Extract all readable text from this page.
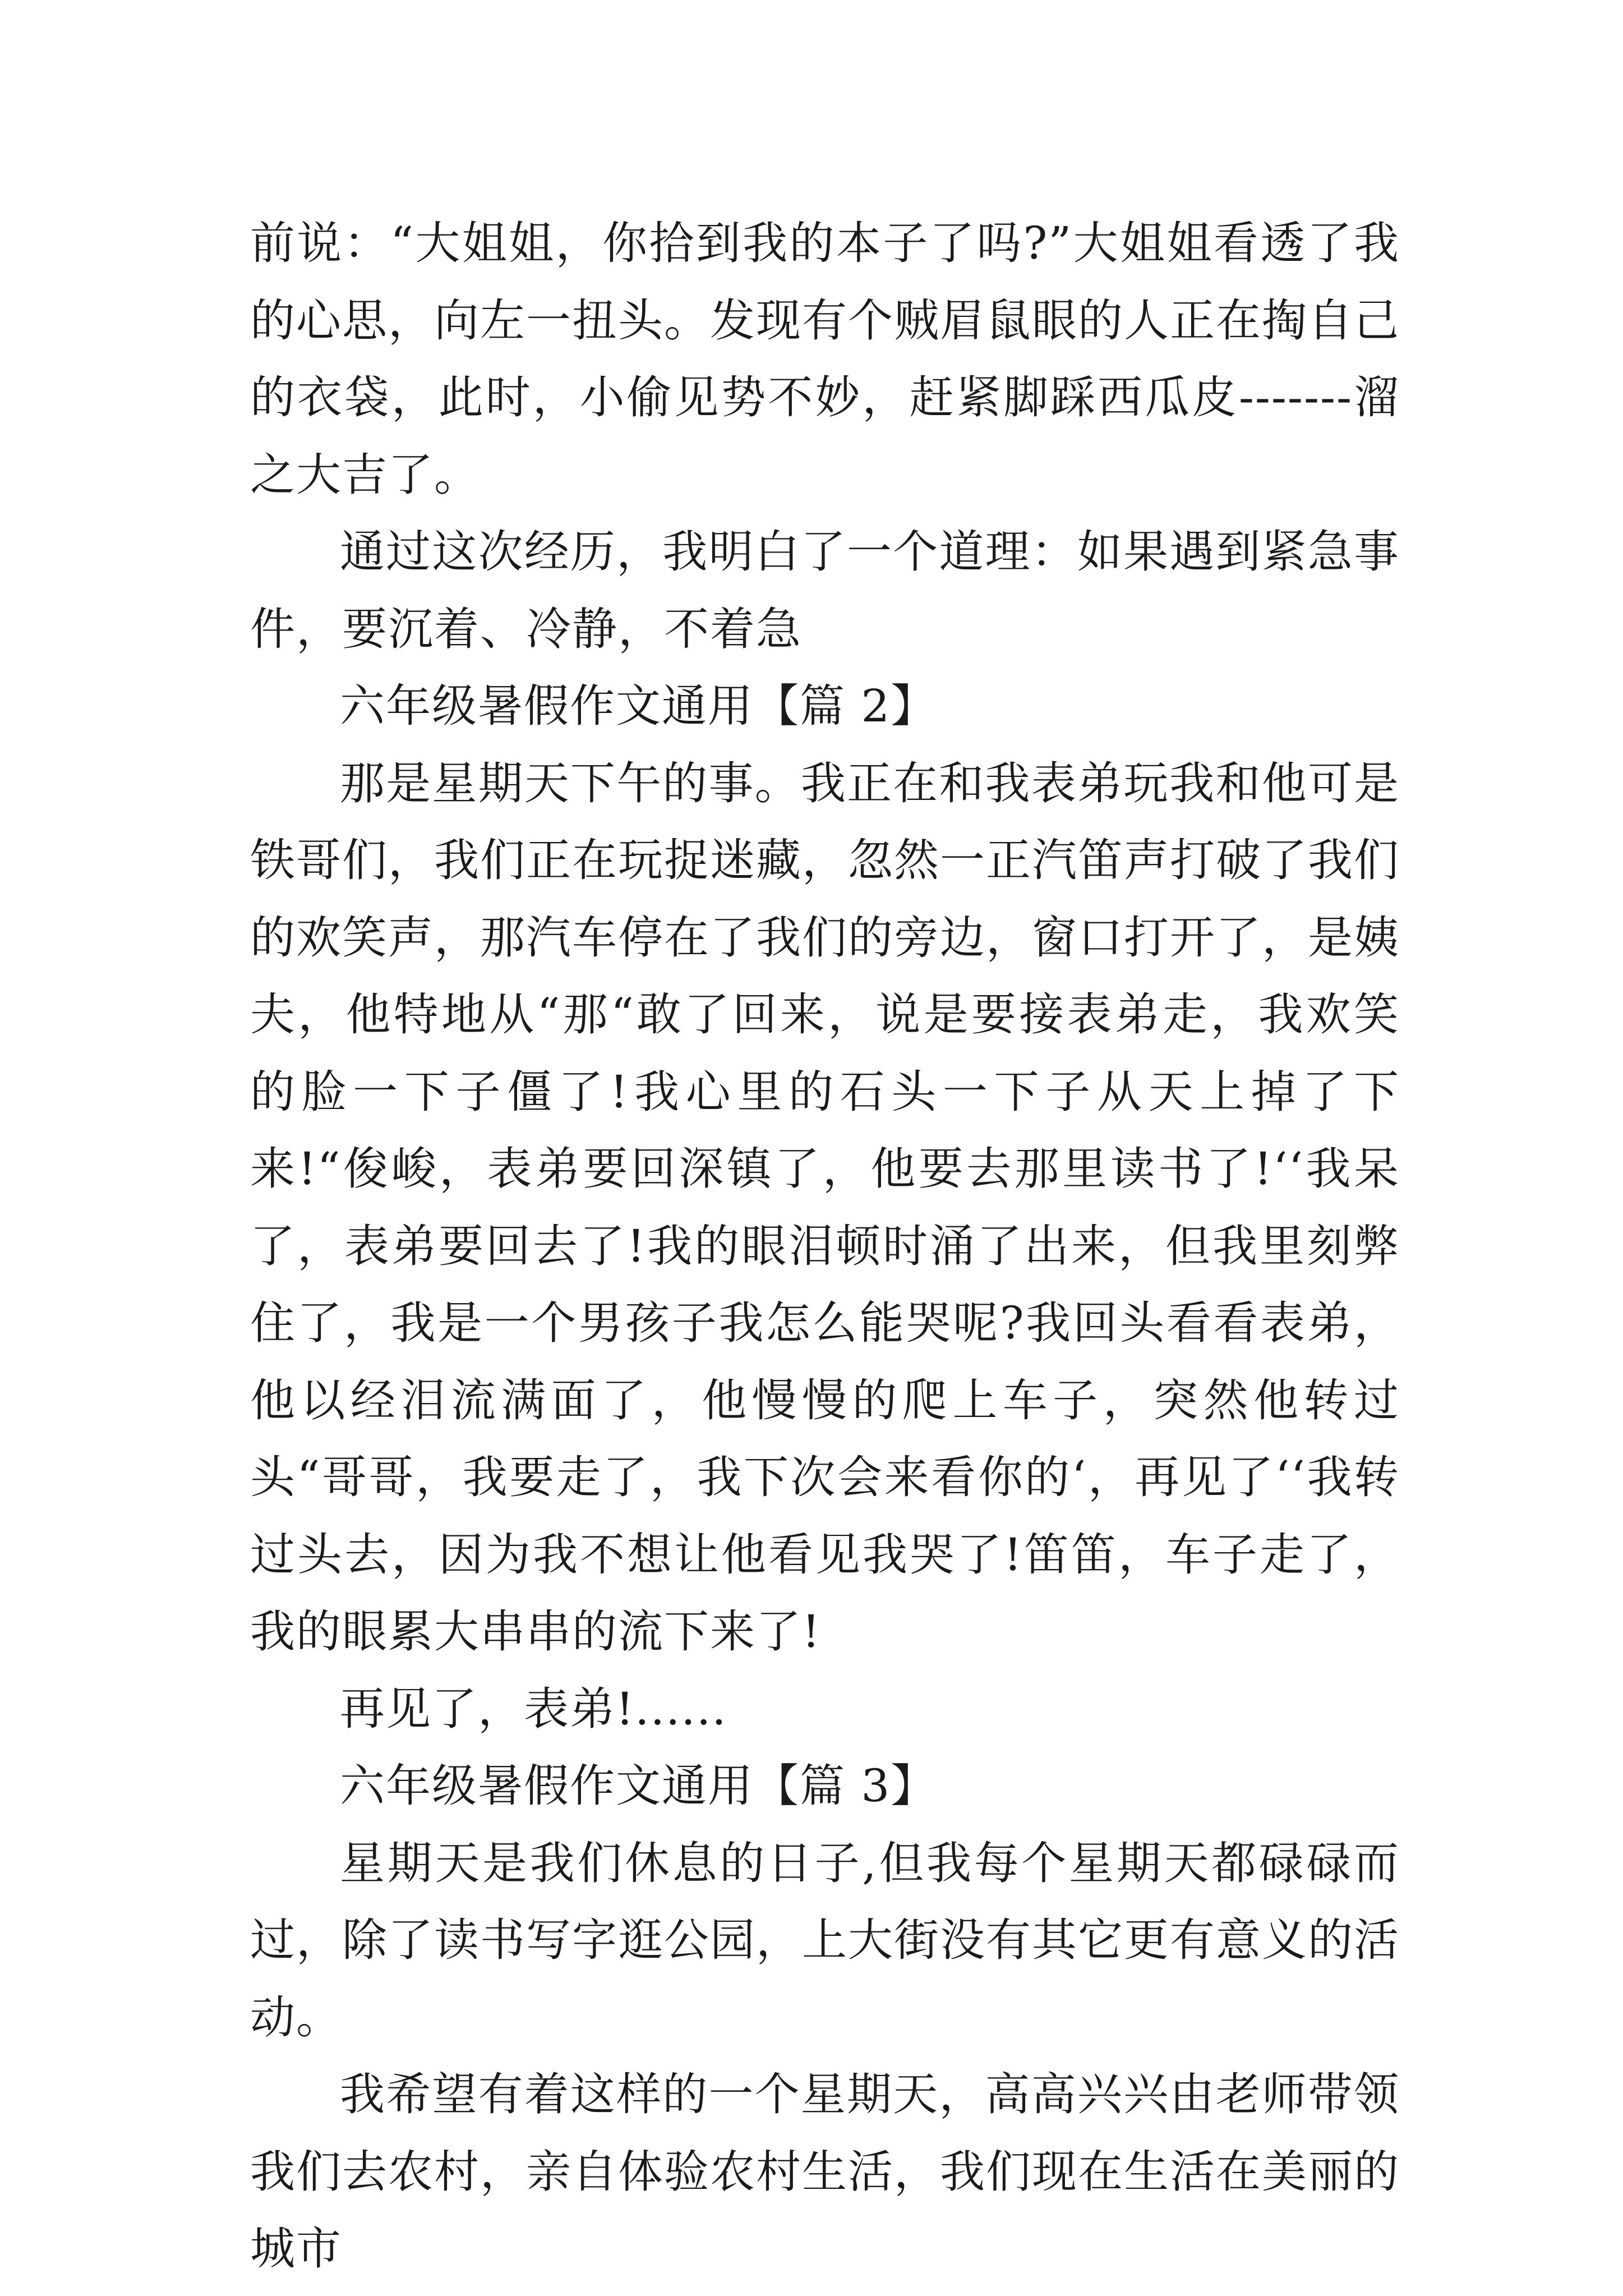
前说：“大姐姐，你拾到我的本子了吗?”大姐姐看透了我的心思，向左一扭头。发现有个贼眉鼠眼的人正在掏自己的衣袋，此时，小偷见势不妙，赶紧脚踩西瓜皮-------溜之大吉了。

通过这次经历，我明白了一个道理：如果遇到紧急事件，要沉着、冷静，不着急

六年级暑假作文通用【篇 2】

那是星期天下午的事。我正在和我表弟玩我和他可是铁哥们，我们正在玩捉迷藏，忽然一正汽笛声打破了我们的欢笑声，那汽车停在了我们的旁边，窗口打开了，是姨夫，他特地从“那“敢了回来，说是要接表弟走，我欢笑的脸一下子僵了!我心里的石头一下子从天上掉了下来!“俊峻，表弟要回深镇了，他要去那里读书了!‘‘我呆了，表弟要回去了!我的眼泪顿时涌了出来，但我里刻弊住了，我是一个男孩子我怎么能哭呢?我回头看看表弟，他以经泪流满面了，他慢慢的爬上车子，突然他转过头“哥哥，我要走了，我下次会来看你的‘，再见了‘‘我转过头去，因为我不想让他看见我哭了!笛笛，车子走了，我的眼累大串串的流下来了!

再见了，表弟!......

六年级暑假作文通用【篇 3】

星期天是我们休息的日子,但我每个星期天都碌碌而过，除了读书写字逛公园，上大街没有其它更有意义的活动。

我希望有着这样的一个星期天，高高兴兴由老师带领我们去农村，亲自体验农村生活，我们现在生活在美丽的城市
